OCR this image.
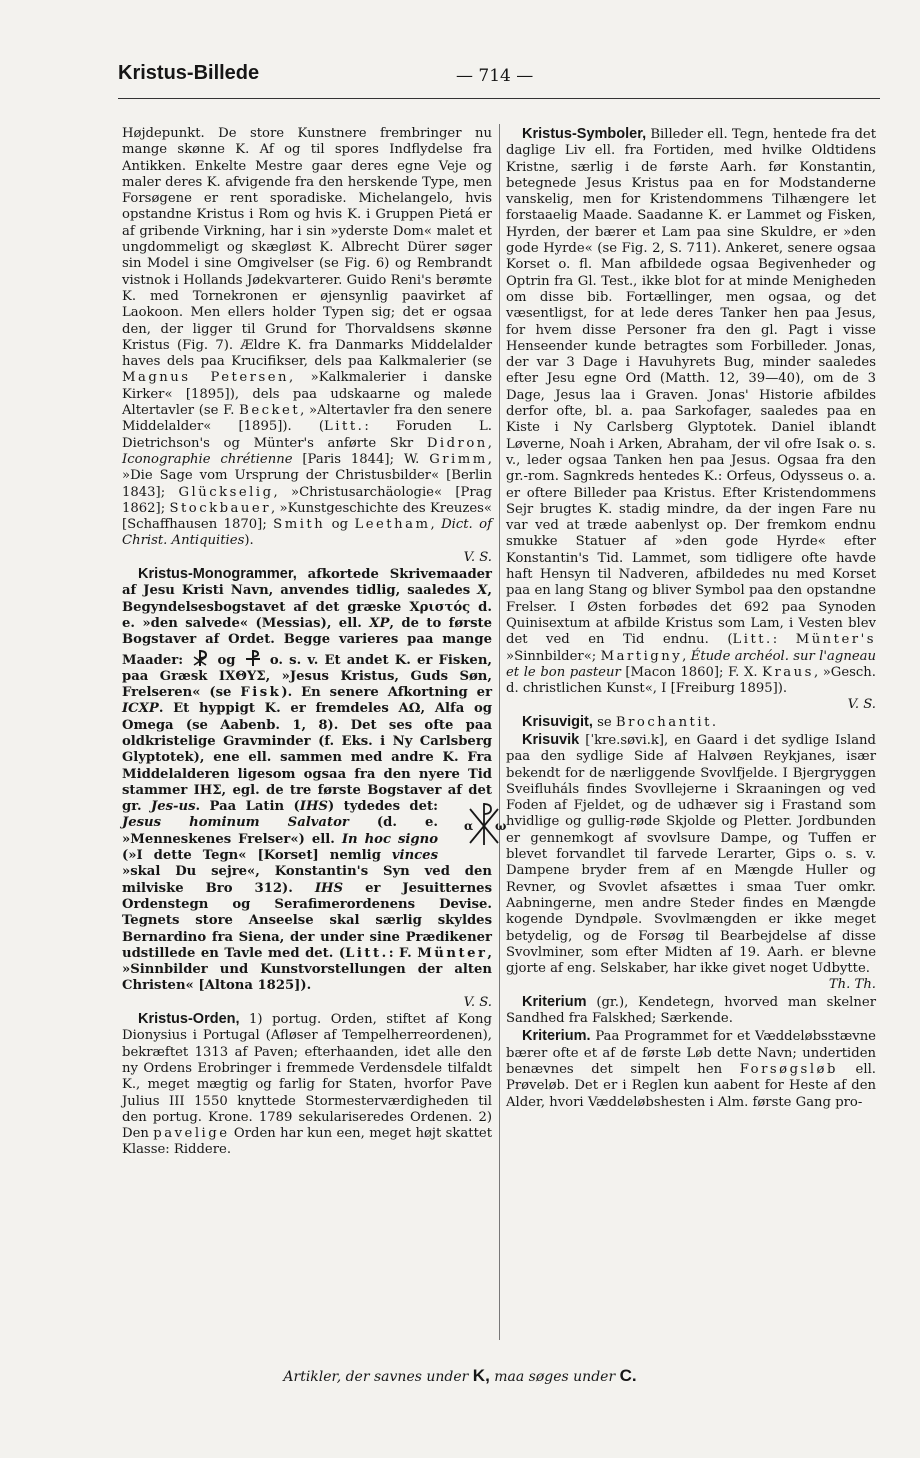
Kristus-Billede	— 714 —

Højdepunkt. De store Kunstnere frembringer nu mange skønne K. Af og til spores Indflydelse fra Antikken. Enkelte Mestre gaar deres egne Veje og maler deres K. afvigende fra den herskende Type, men Forsøgene er rent sporadiske. Michelangelo, hvis opstandne Kristus i Rom og hvis K. i Gruppen Pietá er af gribende Virkning, har i sin »yderste Dom« malet et ungdommeligt og skægløst K. Albrecht Dürer søger sin Model i sine Omgivelser (se Fig. 6) og Rembrandt vistnok i Hollands Jødekvarterer. Guido Reni's berømte K. med Tornekronen er øjensynlig paavirket af Laokoon. Men ellers holder Typen sig; det er ogsaa den, der ligger til Grund for Thorvaldsens skønne Kristus (Fig. 7). Ældre K. fra Danmarks Middelalder haves dels paa Krucifikser, dels paa Kalkmalerier (se Magnus Petersen, »Kalkmalerier i danske Kirker« [1895]), dels paa udskaarne og malede Altertavler (se F. Becket, »Altertavler fra den senere Middelalder« [1895]). (Litt.: Foruden L. Dietrichson's og Münter's anførte Skr Didron, Iconographie chrétienne [Paris 1844]; W. Grimm, »Die Sage vom Ursprung der Christusbilder« [Berlin 1843]; Glückselig, »Christusarchäologie« [Prag 1862]; Stockbauer, »Kunstgeschichte des Kreuzes« [Schaffhausen 1870]; Smith og Leetham, Dict. of Christ. Antiquities).

V. S.

Kristus-Monogrammer, afkortede Skrivemaader af Jesu Kristi Navn, anvendes tidlig, saaledes X, Begyndelsesbogstavet af det græske Χριστός d. e. »den salvede« (Messias), ell. XP, de to første Bogstaver af Ordet. Begge varieres paa mange Maader:	og	o. s. v. Et andet K. er Fisken, paa Græsk ΙΧΘΥΣ, »Jesus Kristus, Guds Søn, Frelseren« (se Fisk). En senere Afkortning er ICXP. Et hyppigt K. er fremdeles ΑΩ, Alfa og Omega (se Aabenb. 1, 8). Det ses ofte paa oldkristelige Gravminder (f. Eks. i Ny Carlsberg Glyptotek), ene ell. sammen med andre K. Fra Middelalderen ligesom ogsaa fra den nyere Tid stammer ΙΗΣ, egl. de tre første Bogstaver af det gr.
α ω
Jes-us. Paa Latin (IHS) tydedes det: Jesus hominum Salvator (d. e. »Menneskenes Frelser«) ell. In hoc signo (»I dette Tegn« [Korset] nemlig vinces »skal Du sejre«, Konstantin's Syn ved den milviske Bro 312). IHS er Jesuitternes Ordenstegn og Serafimerordenens Devise. Tegnets store Anseelse skal særlig skyldes Bernardino fra Siena, der under sine Prædikener udstillede en Tavle med det. (Litt.: F. Münter, »Sinnbilder und Kunstvorstellungen der alten Christen« [Altona 1825]).

V. S.

Kristus-Orden, 1) portug. Orden, stiftet af Kong Dionysius i Portugal (Afløser af Tempelherreordenen), bekræftet 1313 af Paven; efterhaanden, idet alle den ny Ordens Erobringer i fremmede Verdensdele tilfaldt K., meget mægtig og farlig for Staten, hvorfor Pave Julius III 1550 knyttede Stormesterværdigheden til den portug. Krone. 1789 sekulariseredes Ordenen. 2) Den pavelige Orden har kun een, meget højt skattet Klasse: Riddere.

Kristus-Symboler, Billeder ell. Tegn, hentede fra det daglige Liv ell. fra Fortiden, med hvilke Oldtidens Kristne, særlig i de første Aarh. før Konstantin, betegnede Jesus Kristus paa en for Modstanderne vanskelig, men for Kristendommens Tilhængere let forstaaelig Maade. Saadanne K. er Lammet og Fisken, Hyrden, der bærer et Lam paa sine Skuldre, er »den gode Hyrde« (se Fig. 2, S. 711). Ankeret, senere ogsaa Korset o. fl. Man afbildede ogsaa Begivenheder og Optrin fra Gl. Test., ikke blot for at minde Menigheden om disse bib. Fortællinger, men ogsaa, og det væsentligst, for at lede deres Tanker hen paa Jesus, for hvem disse Personer fra den gl. Pagt i visse Henseender kunde betragtes som Forbilleder. Jonas, der var 3 Dage i Havuhyrets Bug, minder saaledes efter Jesu egne Ord (Matth. 12, 39—40), om de 3 Dage, Jesus laa i Graven. Jonas' Historie afbildes derfor ofte, bl. a. paa Sarkofager, saaledes paa en Kiste i Ny Carlsberg Glyptotek. Daniel iblandt Løverne, Noah i Arken, Abraham, der vil ofre Isak o. s. v., leder ogsaa Tanken hen paa Jesus. Ogsaa fra den gr.-rom. Sagnkreds hentedes K.: Orfeus, Odysseus o. a. er oftere Billeder paa Kristus. Efter Kristendommens Sejr brugtes K. stadig mindre, da der ingen Fare nu var ved at træde aabenlyst op. Der fremkom endnu smukke Statuer af »den gode Hyrde« efter Konstantin's Tid. Lammet, som tidligere ofte havde haft Hensyn til Nadveren, afbildedes nu med Korset paa en lang Stang og bliver Symbol paa den opstandne Frelser. I Østen forbødes det 692 paa Synoden Quinisextum at afbilde Kristus som Lam, i Vesten blev det ved en Tid endnu. (Litt.: Münter's »Sinnbilder«; Martigny, Étude archéol. sur l'agneau et le bon pasteur [Macon 1860]; F. X. Kraus, »Gesch. d. christlichen Kunst«, I [Freiburg 1895]).

V. S.

Krisuvigit, se Brochantit.

Krisuvik [ˈkre.søvi.k], en Gaard i det sydlige Island paa den sydlige Side af Halvøen Reykjanes, især bekendt for de nærliggende Svovlfjelde. I Bjergryggen Sveifluháls findes Svovllejerne i Skraaningen og ved Foden af Fjeldet, og de udhæver sig i Frastand som hvidlige og gullig-røde Skjolde og Pletter. Jordbunden er gennemkogt af svovlsure Dampe, og Tuffen er blevet forvandlet til farvede Lerarter, Gips o. s. v. Dampene bryder frem af en Mængde Huller og Revner, og Svovlet afsættes i smaa Tuer omkr. Aabningerne, men andre Steder findes en Mængde kogende Dyndpøle. Svovlmængden er ikke meget betydelig, og de Forsøg til Bearbejdelse af disse Svovlminer, som efter Midten af 19. Aarh. er blevne gjorte af eng. Selskaber, har ikke givet noget Udbytte.

Th. Th.

Kriterium (gr.), Kendetegn, hvorved man skelner Sandhed fra Falskhed; Særkende.

Kriterium. Paa Programmet for et Væddeløbsstævne bærer ofte et af de første Løb dette Navn; undertiden benævnes det simpelt hen Forsøgsløb ell. Prøveløb. Det er i Reglen kun aabent for Heste af den Alder, hvori Væddeløbshesten i Alm. første Gang pro-

Artikler, der savnes under K, maa søges under C.
